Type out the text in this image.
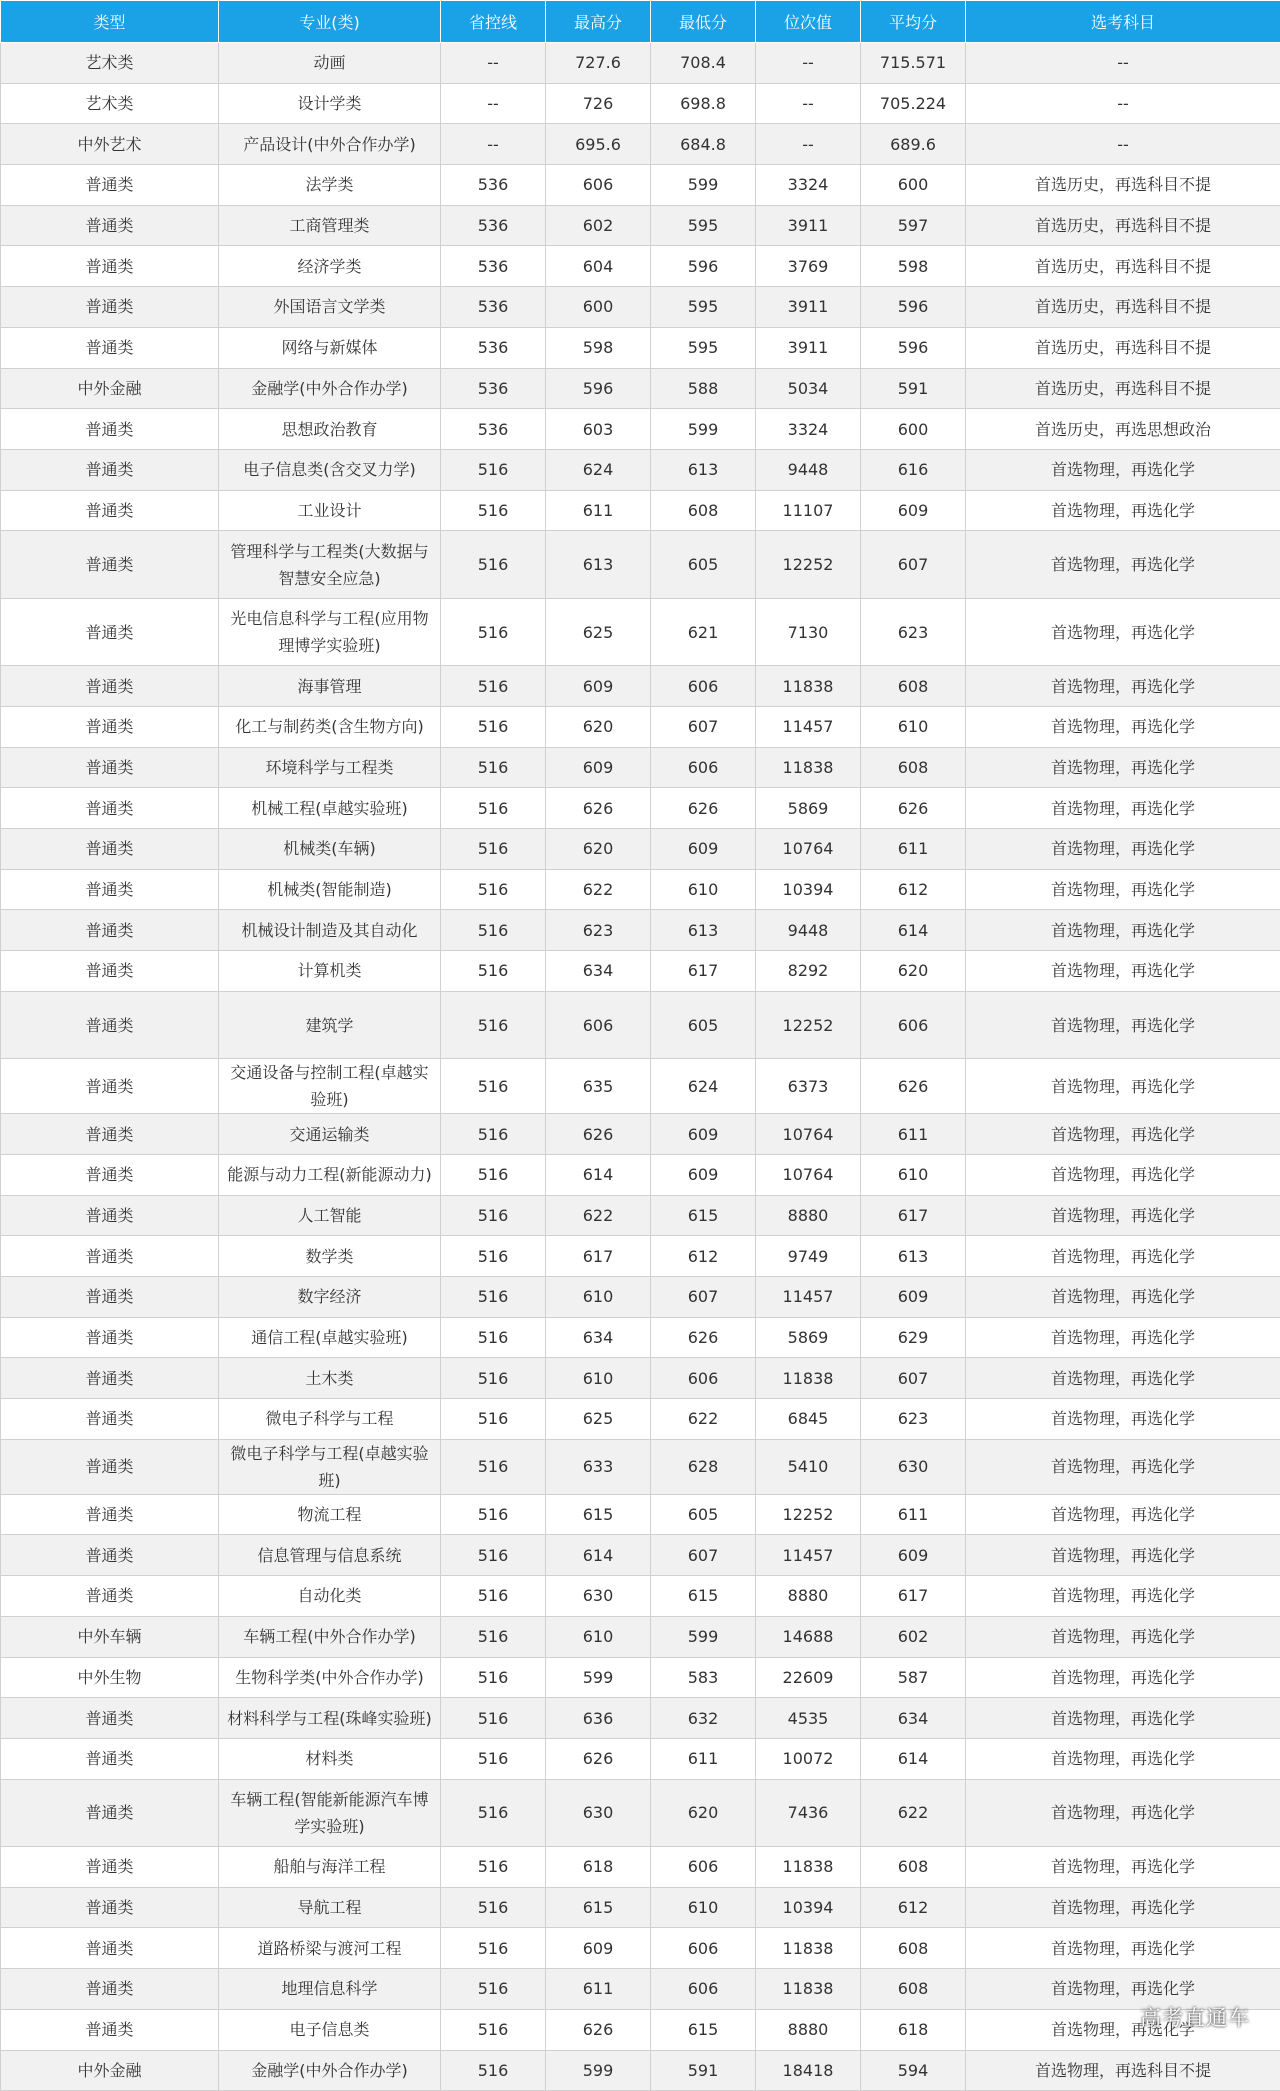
类型	专业(类)	省控线	最高分	最低分	位次值	平均分	选考科目
艺术类	动画	--	727.6	708.4	--	715.571	--
艺术类	设计学类	--	726	698.8	--	705.224	--
中外艺术	产品设计(中外合作办学)	--	695.6	684.8	--	689.6	--
普通类	法学类	536	606	599	3324	600	首选历史，再选科目不提
普通类	工商管理类	536	602	595	3911	597	首选历史，再选科目不提
普通类	经济学类	536	604	596	3769	598	首选历史，再选科目不提
普通类	外国语言文学类	536	600	595	3911	596	首选历史，再选科目不提
普通类	网络与新媒体	536	598	595	3911	596	首选历史，再选科目不提
中外金融	金融学(中外合作办学)	536	596	588	5034	591	首选历史，再选科目不提
普通类	思想政治教育	536	603	599	3324	600	首选历史，再选思想政治
普通类	电子信息类(含交叉力学)	516	624	613	9448	616	首选物理，再选化学
普通类	工业设计	516	611	608	11107	609	首选物理，再选化学
普通类	管理科学与工程类(大数据与智慧安全应急)	516	613	605	12252	607	首选物理，再选化学
普通类	光电信息科学与工程(应用物理博学实验班)	516	625	621	7130	623	首选物理，再选化学
普通类	海事管理	516	609	606	11838	608	首选物理，再选化学
普通类	化工与制药类(含生物方向)	516	620	607	11457	610	首选物理，再选化学
普通类	环境科学与工程类	516	609	606	11838	608	首选物理，再选化学
普通类	机械工程(卓越实验班)	516	626	626	5869	626	首选物理，再选化学
普通类	机械类(车辆)	516	620	609	10764	611	首选物理，再选化学
普通类	机械类(智能制造)	516	622	610	10394	612	首选物理，再选化学
普通类	机械设计制造及其自动化	516	623	613	9448	614	首选物理，再选化学
普通类	计算机类	516	634	617	8292	620	首选物理，再选化学
普通类	建筑学	516	606	605	12252	606	首选物理，再选化学
普通类	交通设备与控制工程(卓越实验班)	516	635	624	6373	626	首选物理，再选化学
普通类	交通运输类	516	626	609	10764	611	首选物理，再选化学
普通类	能源与动力工程(新能源动力)	516	614	609	10764	610	首选物理，再选化学
普通类	人工智能	516	622	615	8880	617	首选物理，再选化学
普通类	数学类	516	617	612	9749	613	首选物理，再选化学
普通类	数字经济	516	610	607	11457	609	首选物理，再选化学
普通类	通信工程(卓越实验班)	516	634	626	5869	629	首选物理，再选化学
普通类	土木类	516	610	606	11838	607	首选物理，再选化学
普通类	微电子科学与工程	516	625	622	6845	623	首选物理，再选化学
普通类	微电子科学与工程(卓越实验班)	516	633	628	5410	630	首选物理，再选化学
普通类	物流工程	516	615	605	12252	611	首选物理，再选化学
普通类	信息管理与信息系统	516	614	607	11457	609	首选物理，再选化学
普通类	自动化类	516	630	615	8880	617	首选物理，再选化学
中外车辆	车辆工程(中外合作办学)	516	610	599	14688	602	首选物理，再选化学
中外生物	生物科学类(中外合作办学)	516	599	583	22609	587	首选物理，再选化学
普通类	材料科学与工程(珠峰实验班)	516	636	632	4535	634	首选物理，再选化学
普通类	材料类	516	626	611	10072	614	首选物理，再选化学
普通类	车辆工程(智能新能源汽车博学实验班)	516	630	620	7436	622	首选物理，再选化学
普通类	船舶与海洋工程	516	618	606	11838	608	首选物理，再选化学
普通类	导航工程	516	615	610	10394	612	首选物理，再选化学
普通类	道路桥梁与渡河工程	516	609	606	11838	608	首选物理，再选化学
普通类	地理信息科学	516	611	606	11838	608	首选物理，再选化学
普通类	电子信息类	516	626	615	8880	618	首选物理，再选化学
中外金融	金融学(中外合作办学)	516	599	591	18418	594	首选物理，再选科目不提
高考直通车
